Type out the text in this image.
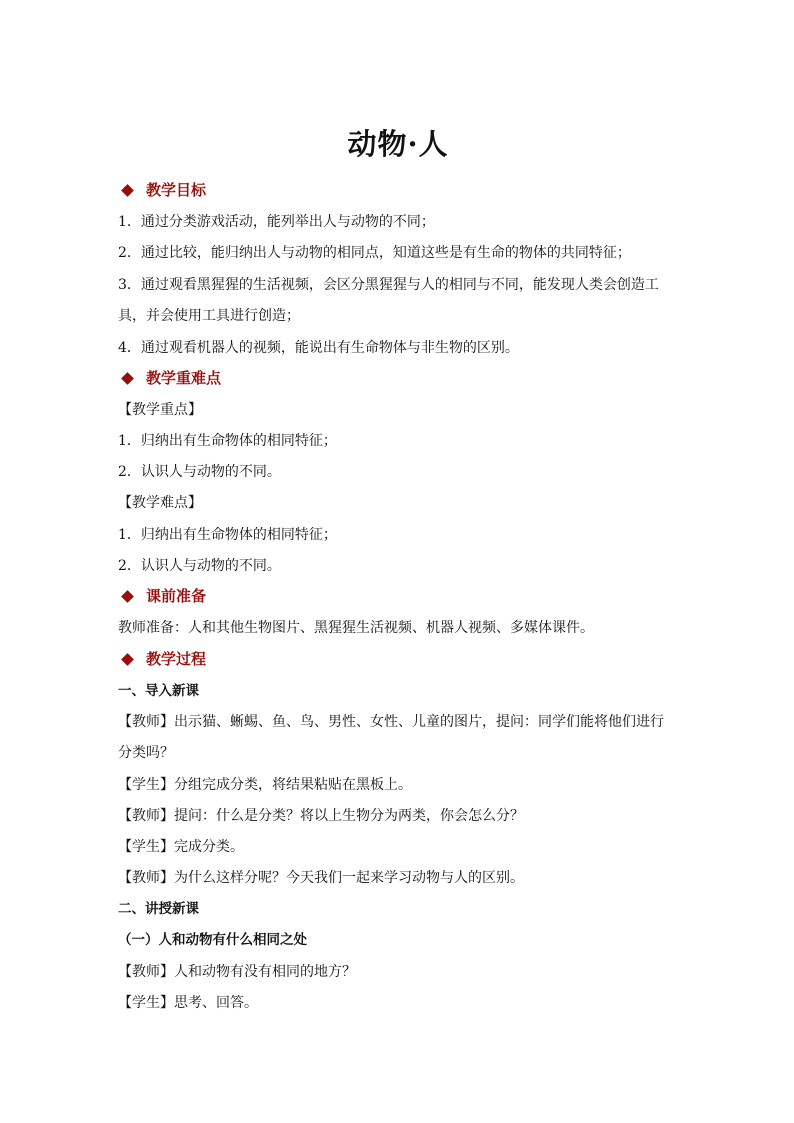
动物·人
教学目标
1．通过分类游戏活动，能列举出人与动物的不同；
2．通过比较，能归纳出人与动物的相同点，知道这些是有生命的物体的共同特征；
3．通过观看黑猩猩的生活视频，会区分黑猩猩与人的相同与不同，能发现人类会创造工
具，并会使用工具进行创造；
4．通过观看机器人的视频，能说出有生命物体与非生物的区别。
教学重难点
【教学重点】
1．归纳出有生命物体的相同特征；
2．认识人与动物的不同。
【教学难点】
1．归纳出有生命物体的相同特征；
2．认识人与动物的不同。
课前准备
教师准备：人和其他生物图片、黑猩猩生活视频、机器人视频、多媒体课件。
教学过程
一、导入新课
【教师】出示猫、蜥蜴、鱼、鸟、男性、女性、儿童的图片，提问：同学们能将他们进行
分类吗？
【学生】分组完成分类，将结果粘贴在黑板上。
【教师】提问：什么是分类？将以上生物分为两类，你会怎么分？
【学生】完成分类。
【教师】为什么这样分呢？今天我们一起来学习动物与人的区别。
二、讲授新课
（一）人和动物有什么相同之处
【教师】人和动物有没有相同的地方？
【学生】思考、回答。
